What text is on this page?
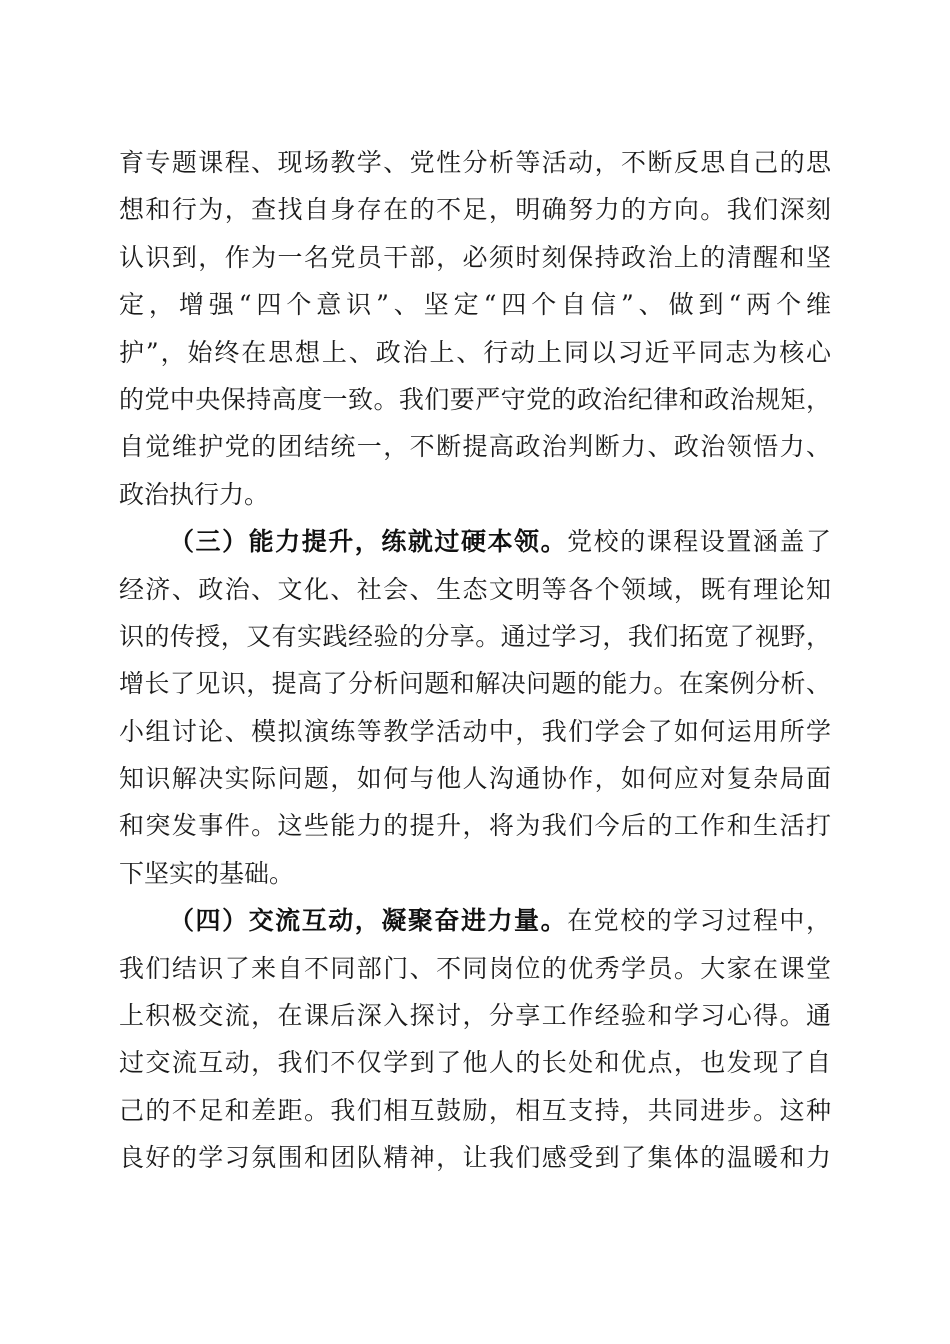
育专题课程、现场教学、党性分析等活动，不断反思自己的思
想和行为，查找自身存在的不足，明确努力的方向。我们深刻
认识到，作为一名党员干部，必须时刻保持政治上的清醒和坚
定，增强“四个意识”、坚定“四个自信”、做到“两个维
护”，始终在思想上、政治上、行动上同以习近平同志为核心
的党中央保持高度一致。我们要严守党的政治纪律和政治规矩，
自觉维护党的团结统一，不断提高政治判断力、政治领悟力、
政治执行力。
（三）能力提升，练就过硬本领。党校的课程设置涵盖了
经济、政治、文化、社会、生态文明等各个领域，既有理论知
识的传授，又有实践经验的分享。通过学习，我们拓宽了视野，
增长了见识，提高了分析问题和解决问题的能力。在案例分析、
小组讨论、模拟演练等教学活动中，我们学会了如何运用所学
知识解决实际问题，如何与他人沟通协作，如何应对复杂局面
和突发事件。这些能力的提升，将为我们今后的工作和生活打
下坚实的基础。
（四）交流互动，凝聚奋进力量。在党校的学习过程中，
我们结识了来自不同部门、不同岗位的优秀学员。大家在课堂
上积极交流，在课后深入探讨，分享工作经验和学习心得。通
过交流互动，我们不仅学到了他人的长处和优点，也发现了自
己的不足和差距。我们相互鼓励，相互支持，共同进步。这种
良好的学习氛围和团队精神，让我们感受到了集体的温暖和力
